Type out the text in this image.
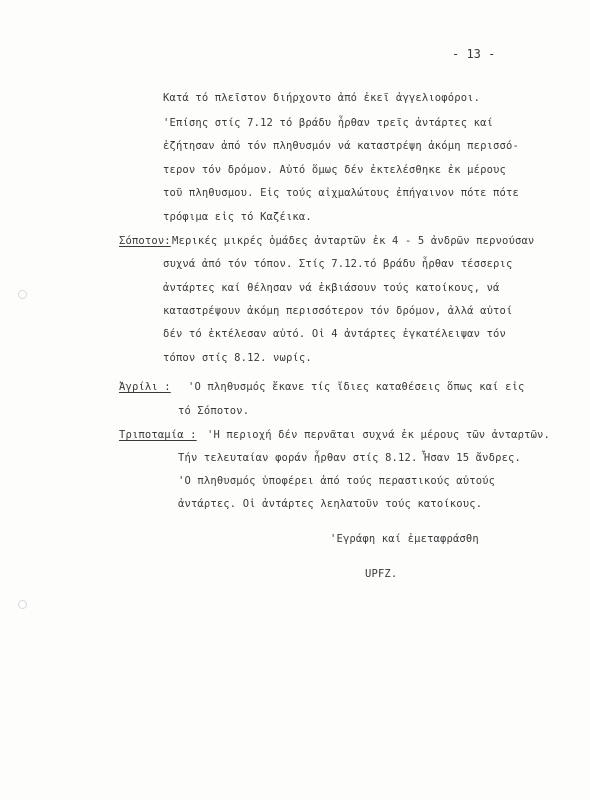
- 13 -
Κατά τό πλεῖστον διήρχοντο ἀπό ἐκεῖ ἀγγελιοφόροι.
'Επίσης στίς 7.12 τό βράδυ ἦρθαν τρεῖς ἀντάρτες καί
ἐζήτησαν ἀπό τόν πληθυσμόν νά καταστρέψη ἀκόμη περισσό-
τερον τόν δρόμον. Αὐτό ὅμως δέν ἐκτελέσθηκε ἐκ μέρους
τοῦ πληθυσμου. Εἰς τούς αἰχμαλώτους ἐπήγαινον πότε πότε
τρόφιμα εἰς τό Καζέικα.
Σόποτον: Μερικές μικρές ὁμάδες ἀνταρτῶν ἐκ 4 - 5 ἀνδρῶν περνούσαν
συχνά ἀπό τόν τόπον. Στίς 7.12.τό βράδυ ἦρθαν τέσσερις
ἀντάρτες καί θέλησαν νά ἐκβιάσουν τούς κατοίκους, νά
καταστρέψουν ἀκόμη περισσότερον τόν δρόμον, ἀλλά αὐτοί
δέν τό ἐκτέλεσαν αὐτό. Οἱ 4 ἀντάρτες ἐγκατέλειψαν τόν
τόπον στίς 8.12. νωρίς.
Ἀγρίλι : 'Ο πληθυσμός ἔκανε τίς ἴδιες καταθέσεις ὅπως καί εἰς
τό Σόποτον.
Τριποταμία : 'Η περιοχή δέν περνᾶται συχνά ἐκ μέρους τῶν ἀνταρτῶν.
Τήν τελευταίαν φοράν ἦρθαν στίς 8.12. Ἦσαν 15 ἄνδρες.
'Ο πληθυσμός ὑποφέρει ἀπό τούς περαστικούς αὐτούς
ἀντάρτες. Οἱ ἀντάρτες λεηλατοῦν τούς κατοίκους.
'Εγράφη καί ἐμεταφράσθη
UPFZ.
